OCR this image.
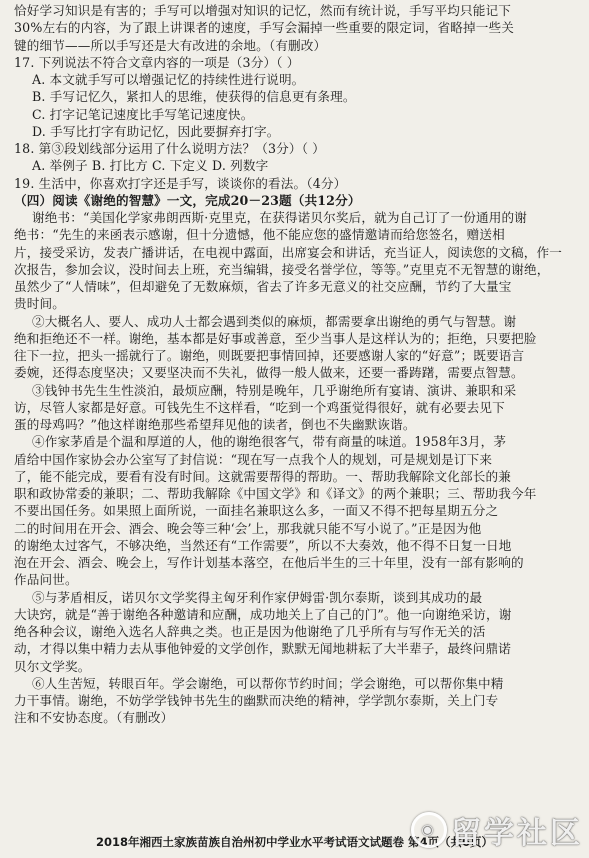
恰好学习知识是有害的；手写可以增强对知识的记忆，然而有统计说，手写平均只能记下
30%左右的内容，为了跟上讲课者的速度，手写会漏掉一些重要的限定词，省略掉一些关
键的细节——所以手写还是大有改进的余地。（有删改）
17. 下列说法不符合文章内容的一项是（3分）（ ）
A. 本文就手写可以增强记忆的持续性进行说明。
B. 手写记忆久，紧扣人的思维，使获得的信息更有条理。
C. 打字记笔记速度比手写笔记速度快。
D. 手写比打字有助记忆，因此要摒弃打字。
18. 第③段划线部分运用了什么说明方法？（3分）（ ）
A. 举例子 B. 打比方 C. 下定义 D. 列数字
19. 生活中，你喜欢打字还是手写，谈谈你的看法。（4分）
（四）阅读《谢绝的智慧》一文，完成20－23题（共12分）
谢绝书：“美国化学家弗朗西斯·克里克，在获得诺贝尔奖后，就为自己订了一份通用的谢
绝书：“先生的来函表示感谢，但十分遗憾，他不能应您的盛情邀请而给您签名，赠送相
片，接受采访，发表广播讲话，在电视中露面，出席宴会和讲话，充当证人，阅读您的文稿，作一
次报告，参加会议，没时间去上班，充当编辑，接受名誉学位，等等。”克里克不无智慧的谢绝，
虽然少了“人情味”，但却避免了无数麻烦，省去了许多无意义的社交应酬，节约了大量宝
贵时间。
②大概名人、要人、成功人士都会遇到类似的麻烦，都需要拿出谢绝的勇气与智慧。谢
绝和拒绝还不一样。谢绝，基本都是好事或善意，至少当事人是这样认为的；拒绝，只要把脸
往下一拉，把头一摇就行了。谢绝，则既要把事情回掉，还要感谢人家的“好意”；既要语言
委婉，还得态度坚决；又要坚决而不失礼，做得一般人做来，还要一番踌躇，需要点智慧。
③钱钟书先生生性淡泊，最烦应酬，特别是晚年，几乎谢绝所有宴请、演讲、兼职和采
访，尽管人家都是好意。可钱先生不这样看，“吃到一个鸡蛋觉得很好，就有必要去见下
蛋的母鸡吗？”他这样谢绝那些希望拜见他的读者，倒也不失幽默诙谐。
④作家茅盾是个温和厚道的人，他的谢绝很客气，带有商量的味道。1958年3月，茅
盾给中国作家协会办公室写了封信说：“现在写一点我个人的规划，可是规划是订下来
了，能不能完成，要看有没有时间。这就需要帮得的帮助。一、帮助我解除文化部长的兼
职和政协常委的兼职；二、帮助我解除《中国文学》和《译文》的两个兼职；三、帮助我今年
不要出国任务。如果照上面所说，一面挂名兼职这么多，一面又不得不把每星期五分之
二的时间用在开会、酒会、晚会等三种‘会’上，那我就只能不写小说了。”正是因为他
的谢绝太过客气，不够决绝，当然还有“工作需要”，所以不大奏效，他不得不日复一日地
泡在开会、酒会、晚会上，写作计划基本落空，在他后半生的三十年里，没有一部有影响的
作品问世。
⑤与茅盾相反，诺贝尔文学奖得主匈牙利作家伊姆雷·凯尔泰斯，谈到其成功的最
大诀窍，就是“善于谢绝各种邀请和应酬，成功地关上了自己的门”。他一向谢绝采访，谢
绝各种会议，谢绝入选名人辞典之类。也正是因为他谢绝了几乎所有与写作无关的活
动，才得以集中精力去从事他钟爱的文学创作，默默无闻地耕耘了大半辈子，最终问鼎诺
贝尔文学奖。
⑥人生苦短，转眼百年。学会谢绝，可以帮你节约时间；学会谢绝，可以帮你集中精
力干事情。谢绝，不妨学学钱钟书先生的幽默而决绝的精神，学学凯尔泰斯，关上门专
注和不安协态度。（有删改）
2018年湘西土家族苗族自治州初中学业水平考试语文试题卷 第4页（共6页）
◉ 留学社区
